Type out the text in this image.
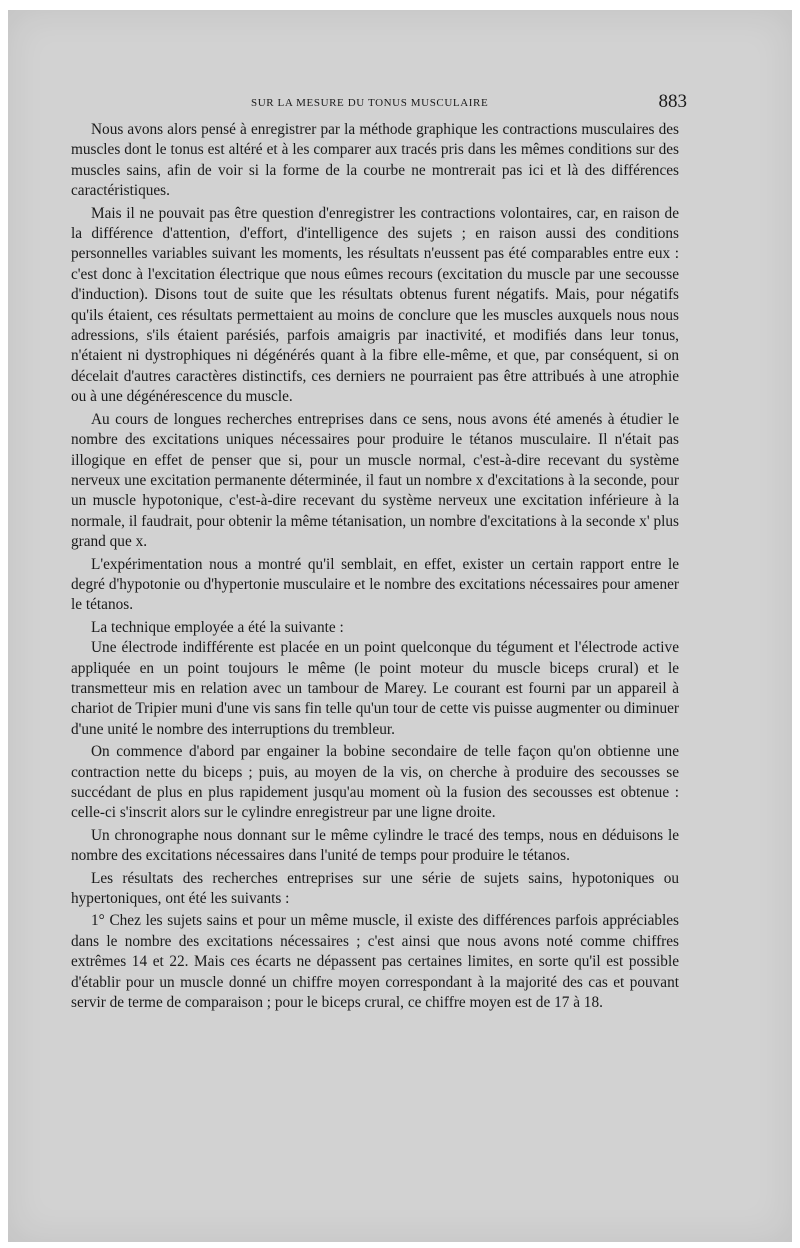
SUR LA MESURE DU TONUS MUSCULAIRE	883

Nous avons alors pensé à enregistrer par la méthode graphique les contractions musculaires des muscles dont le tonus est altéré et à les comparer aux tracés pris dans les mêmes conditions sur des muscles sains, afin de voir si la forme de la courbe ne montrerait pas ici et là des différences caractéristiques.

Mais il ne pouvait pas être question d'enregistrer les contractions volontaires, car, en raison de la différence d'attention, d'effort, d'intelligence des sujets ; en raison aussi des conditions personnelles variables suivant les moments, les résultats n'eussent pas été comparables entre eux : c'est donc à l'excitation électrique que nous eûmes recours (excitation du muscle par une secousse d'induction). Disons tout de suite que les résultats obtenus furent négatifs. Mais, pour négatifs qu'ils étaient, ces résultats permettaient au moins de conclure que les muscles auxquels nous nous adressions, s'ils étaient parésiés, parfois amaigris par inactivité, et modifiés dans leur tonus, n'étaient ni dystrophiques ni dégénérés quant à la fibre elle-même, et que, par conséquent, si on décelait d'autres caractères distinctifs, ces derniers ne pourraient pas être attribués à une atrophie ou à une dégénérescence du muscle.

Au cours de longues recherches entreprises dans ce sens, nous avons été amenés à étudier le nombre des excitations uniques nécessaires pour produire le tétanos musculaire. Il n'était pas illogique en effet de penser que si, pour un muscle normal, c'est-à-dire recevant du système nerveux une excitation permanente déterminée, il faut un nombre x d'excitations à la seconde, pour un muscle hypotonique, c'est-à-dire recevant du système nerveux une excitation inférieure à la normale, il faudrait, pour obtenir la même tétanisation, un nombre d'excitations à la seconde x' plus grand que x.

L'expérimentation nous a montré qu'il semblait, en effet, exister un certain rapport entre le degré d'hypotonie ou d'hypertonie musculaire et le nombre des excitations nécessaires pour amener le tétanos.

La technique employée a été la suivante :

Une électrode indifférente est placée en un point quelconque du tégument et l'électrode active appliquée en un point toujours le même (le point moteur du muscle biceps crural) et le transmetteur mis en relation avec un tambour de Marey. Le courant est fourni par un appareil à chariot de Tripier muni d'une vis sans fin telle qu'un tour de cette vis puisse augmenter ou diminuer d'une unité le nombre des interruptions du trembleur.

On commence d'abord par engainer la bobine secondaire de telle façon qu'on obtienne une contraction nette du biceps ; puis, au moyen de la vis, on cherche à produire des secousses se succédant de plus en plus rapidement jusqu'au moment où la fusion des secousses est obtenue : celle-ci s'inscrit alors sur le cylindre enregistreur par une ligne droite.

Un chronographe nous donnant sur le même cylindre le tracé des temps, nous en déduisons le nombre des excitations nécessaires dans l'unité de temps pour produire le tétanos.

Les résultats des recherches entreprises sur une série de sujets sains, hypotoniques ou hypertoniques, ont été les suivants :

1° Chez les sujets sains et pour un même muscle, il existe des différences parfois appréciables dans le nombre des excitations nécessaires ; c'est ainsi que nous avons noté comme chiffres extrêmes 14 et 22. Mais ces écarts ne dépassent pas certaines limites, en sorte qu'il est possible d'établir pour un muscle donné un chiffre moyen correspondant à la majorité des cas et pouvant servir de terme de comparaison ; pour le biceps crural, ce chiffre moyen est de 17 à 18.
